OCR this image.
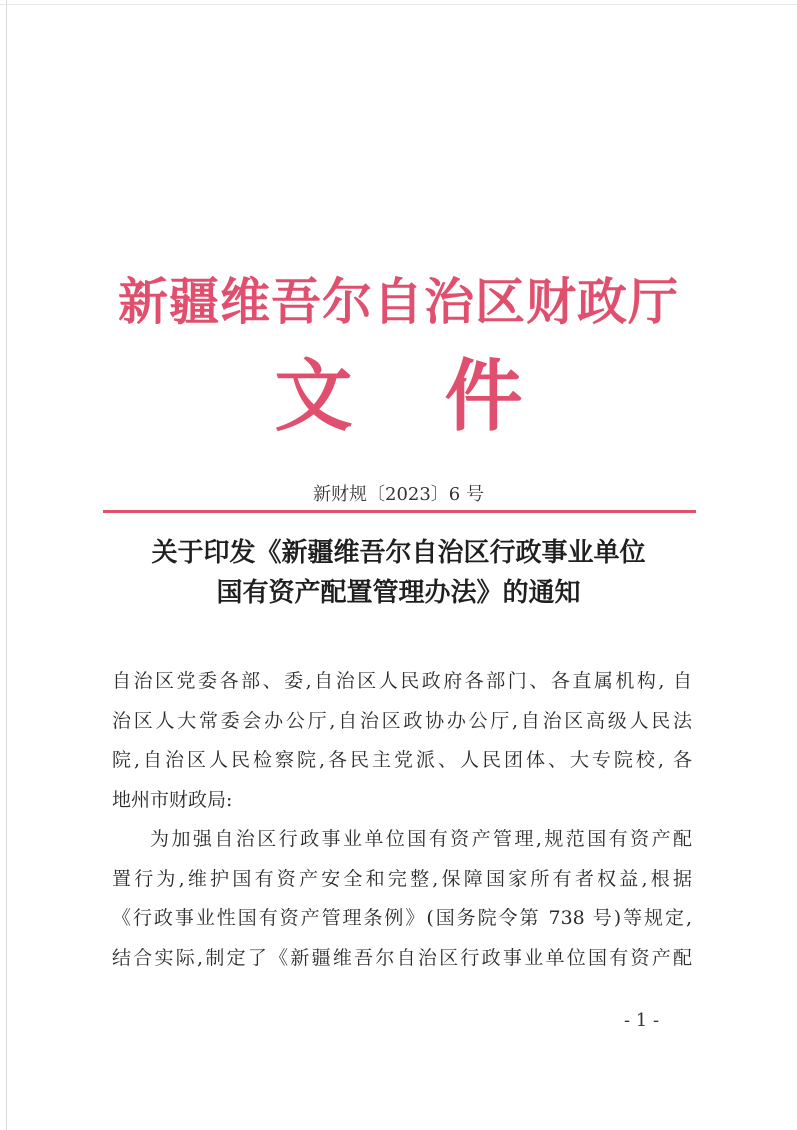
新疆维吾尔自治区财政厅
文件
新财规〔2023〕6 号
关于印发《新疆维吾尔自治区行政事业单位
国有资产配置管理办法》的通知
自治区党委各部、委,自治区人民政府各部门、各直属机构, 自
治区人大常委会办公厅,自治区政协办公厅,自治区高级人民法
院,自治区人民检察院,各民主党派、人民团体、大专院校, 各
地州市财政局:
为加强自治区行政事业单位国有资产管理,规范国有资产配
置行为,维护国有资产安全和完整,保障国家所有者权益,根据
《行政事业性国有资产管理条例》(国务院令第 738 号)等规定,
结合实际,制定了《新疆维吾尔自治区行政事业单位国有资产配
- 1 -
